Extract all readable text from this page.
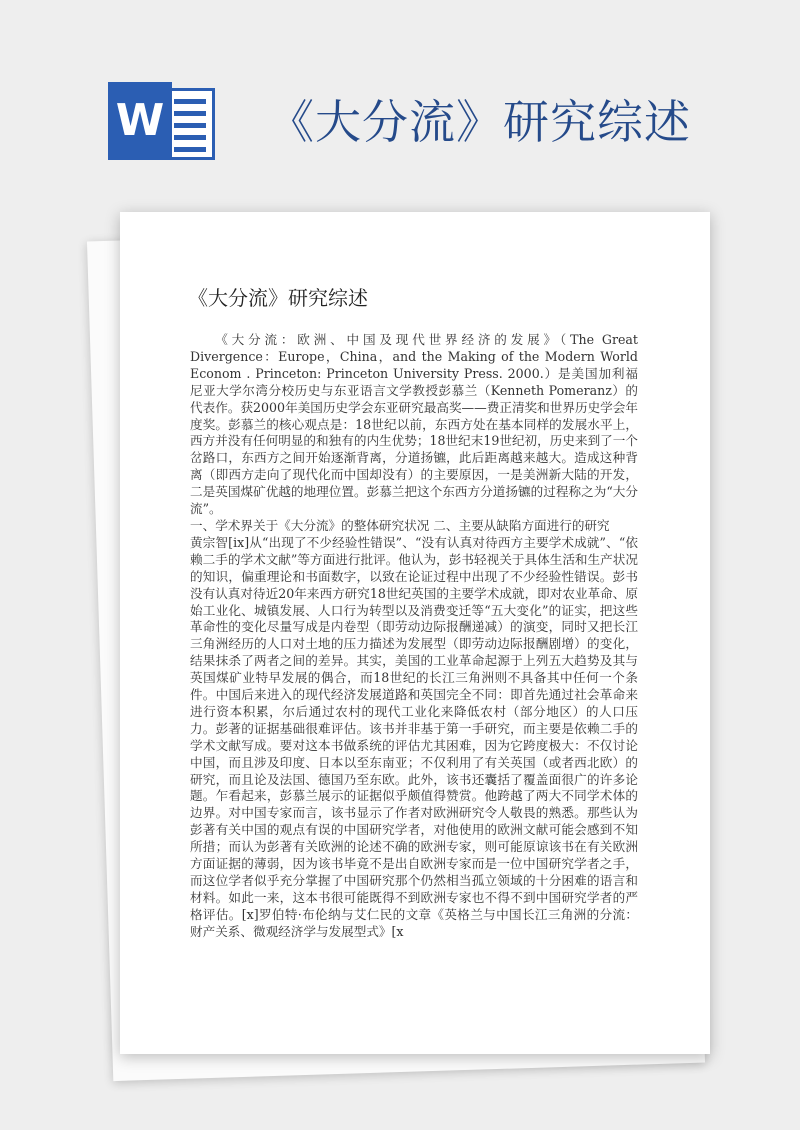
W 《大分流》研究综述
《大分流》研究综述

《大分流：欧洲、中国及现代世界经济的发展》（The Great Divergence：Europe，China，and the Making of the Modern World Econom . Princeton: Princeton University Press. 2000.）是美国加利福尼亚大学尔湾分校历史与东亚语言文学教授彭慕兰（Kenneth Pomeranz）的代表作。获2000年美国历史学会东亚研究最高奖——费正清奖和世界历史学会年度奖。彭慕兰的核心观点是：18世纪以前，东西方处在基本同样的发展水平上，西方并没有任何明显的和独有的内生优势；18世纪末19世纪初，历史来到了一个岔路口，东西方之间开始逐渐背离，分道扬镳，此后距离越来越大。造成这种背离（即西方走向了现代化而中国却没有）的主要原因，一是美洲新大陆的开发，二是英国煤矿优越的地理位置。彭慕兰把这个东西方分道扬镳的过程称之为“大分流”。

一、学术界关于《大分流》的整体研究状况 二、主要从缺陷方面进行的研究

黄宗智[ix]从“出现了不少经验性错误”、“没有认真对待西方主要学术成就”、“依赖二手的学术文献”等方面进行批评。他认为，彭书轻视关于具体生活和生产状况的知识，偏重理论和书面数字，以致在论证过程中出现了不少经验性错误。彭书没有认真对待近20年来西方研究18世纪英国的主要学术成就，即对农业革命、原始工业化、城镇发展、人口行为转型以及消费变迁等“五大变化”的证实，把这些革命性的变化尽量写成是内卷型（即劳动边际报酬递减）的演变，同时又把长江三角洲经历的人口对土地的压力描述为发展型（即劳动边际报酬剧增）的变化，结果抹杀了两者之间的差异。其实，美国的工业革命起源于上列五大趋势及其与英国煤矿业特早发展的偶合，而18世纪的长江三角洲则不具备其中任何一个条件。中国后来进入的现代经济发展道路和英国完全不同：即首先通过社会革命来进行资本积累，尔后通过农村的现代工业化来降低农村（部分地区）的人口压力。彭著的证据基础很难评估。该书并非基于第一手研究，而主要是依赖二手的学术文献写成。要对这本书做系统的评估尤其困难，因为它跨度极大：不仅讨论中国，而且涉及印度、日本以至东南亚；不仅利用了有关英国（或者西北欧）的研究，而且论及法国、德国乃至东欧。此外，该书还囊括了覆盖面很广的许多论题。乍看起来，彭慕兰展示的证据似乎颇值得赞赏。他跨越了两大不同学术体的边界。对中国专家而言，该书显示了作者对欧洲研究令人敬畏的熟悉。那些认为彭著有关中国的观点有误的中国研究学者，对他使用的欧洲文献可能会感到不知所措；而认为彭著有关欧洲的论述不确的欧洲专家，则可能原谅该书在有关欧洲方面证据的薄弱，因为该书毕竟不是出自欧洲专家而是一位中国研究学者之手，而这位学者似乎充分掌握了中国研究那个仍然相当孤立领域的十分困难的语言和材料。如此一来，这本书很可能既得不到欧洲专家也不得不到中国研究学者的严格评估。[x]罗伯特·布伦纳与艾仁民的文章《英格兰与中国长江三角洲的分流：财产关系、微观经济学与发展型式》[x
